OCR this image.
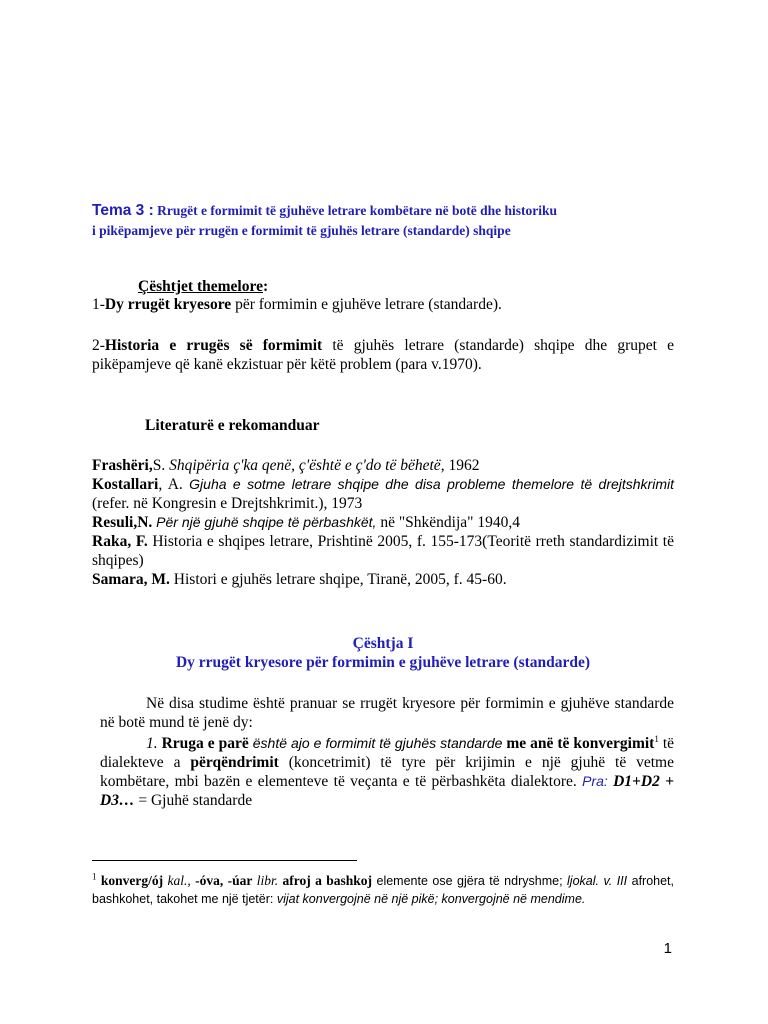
Tema 3 : Rrugët e formimit të gjuhëve letrare kombëtare në botë dhe historiku
i pikëpamjeve për rrugën e formimit të gjuhës letrare (standarde) shqipe
Çështjet themelore:
1-Dy rrugët kryesore për formimin e gjuhëve letrare (standarde).
2-Historia e rrugës së formimit të gjuhës letrare (standarde) shqipe dhe grupet e pikëpamjeve që kanë ekzistuar për këtë problem (para v.1970).
Literaturë e rekomanduar
Frashëri,S. Shqipëria ç'ka qenë, ç'është e ç'do të bëhetë, 1962
Kostallari, A. Gjuha e sotme letrare shqipe dhe disa probleme themelore të drejtshkrimit (refer. në Kongresin e Drejtshkrimit.), 1973
Resuli,N. Për një gjuhë shqipe të përbashkët, në "Shkëndija" 1940,4
Raka, F. Historia e shqipes letrare, Prishtinë 2005, f. 155-173(Teoritë rreth standardizimit të shqipes)
Samara, M. Histori e gjuhës letrare shqipe, Tiranë, 2005, f. 45-60.
Çështja I
Dy rrugët kryesore për formimin e gjuhëve letrare (standarde)
Në disa studime është pranuar se rrugët kryesore për formimin e gjuhëve standarde në botë mund të jenë dy:
1. Rruga e parë është ajo e formimit të gjuhës standarde me anë të konvergimit$^1$ të dialekteve a përqëndrimit (koncetrimit) të tyre për krijimin e një gjuhë të vetme kombëtare, mbi bazën e elementeve të veçanta e të përbashkëta dialektore. Pra: D1+D2 + D3… = Gjuhë standarde
$^1$ konverg/ój kal., -óva, -úar libr. afroj a bashkoj elemente ose gjëra të ndryshme; ljokal. v. III afrohet, bashkohet, takohet me një tjetër: vijat konvergojnë në një pikë; konvergojnë në mendime.
1
